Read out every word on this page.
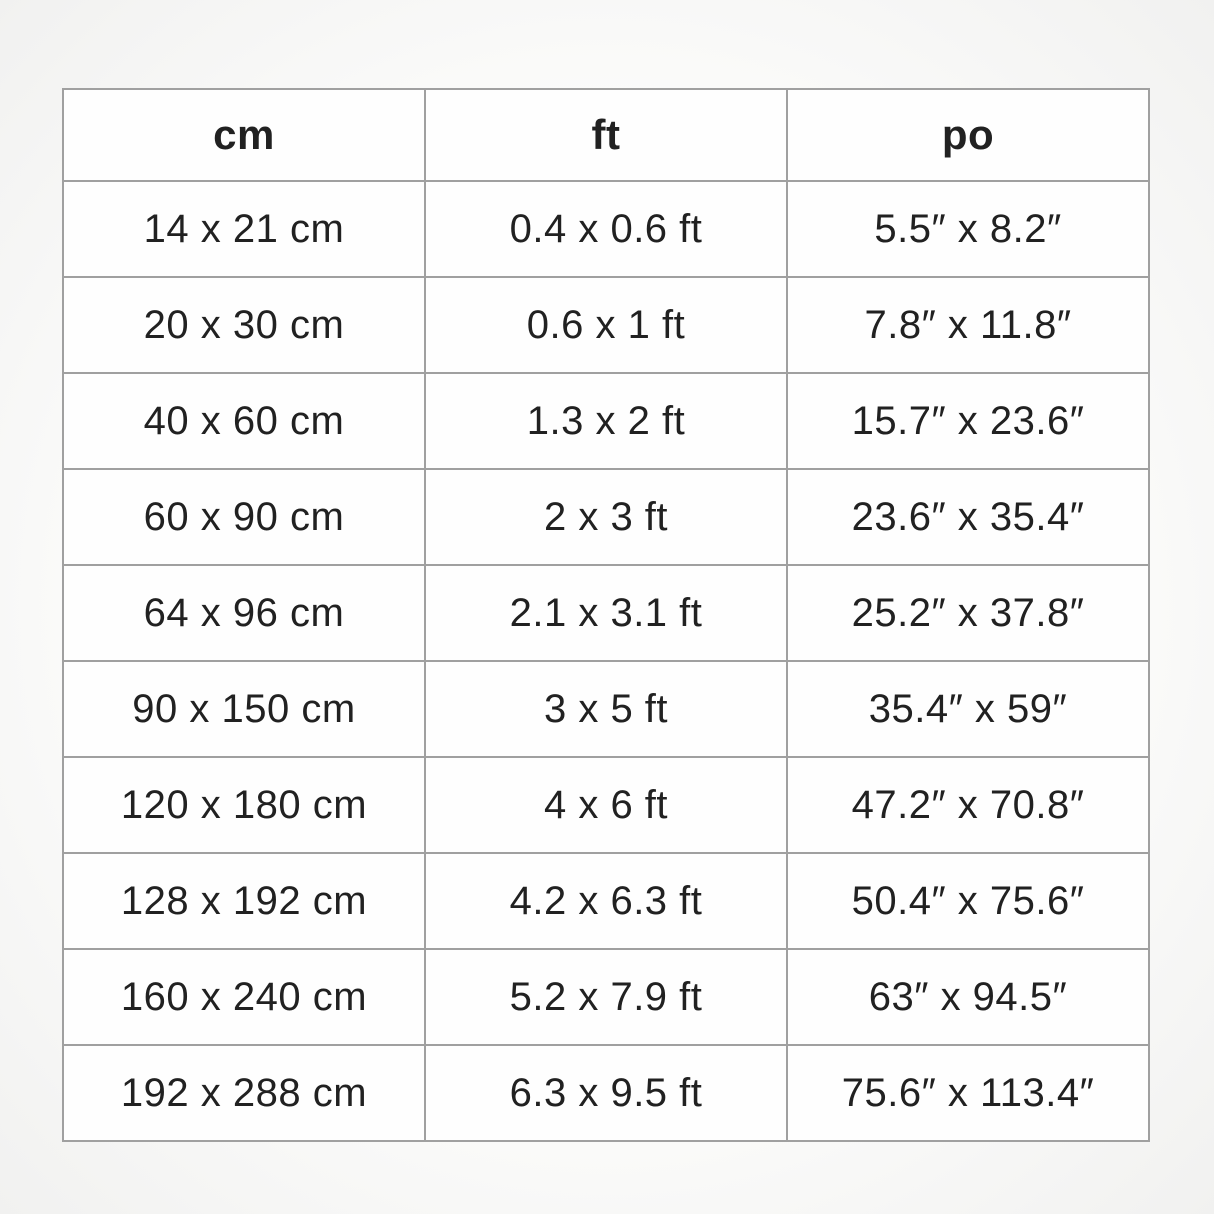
cm	ft	po
14 x 21 cm	0.4 x 0.6 ft	5.5″ x 8.2″
20 x 30 cm	0.6 x 1 ft	7.8″ x 11.8″
40 x 60 cm	1.3 x 2 ft	15.7″ x 23.6″
60 x 90 cm	2 x 3 ft	23.6″ x 35.4″
64 x 96 cm	2.1 x 3.1 ft	25.2″ x 37.8″
90 x 150 cm	3 x 5 ft	35.4″ x 59″
120 x 180 cm	4 x 6 ft	47.2″ x 70.8″
128 x 192 cm	4.2 x 6.3 ft	50.4″ x 75.6″
160 x 240 cm	5.2 x 7.9 ft	63″ x 94.5″
192 x 288 cm	6.3 x 9.5 ft	75.6″ x 113.4″
